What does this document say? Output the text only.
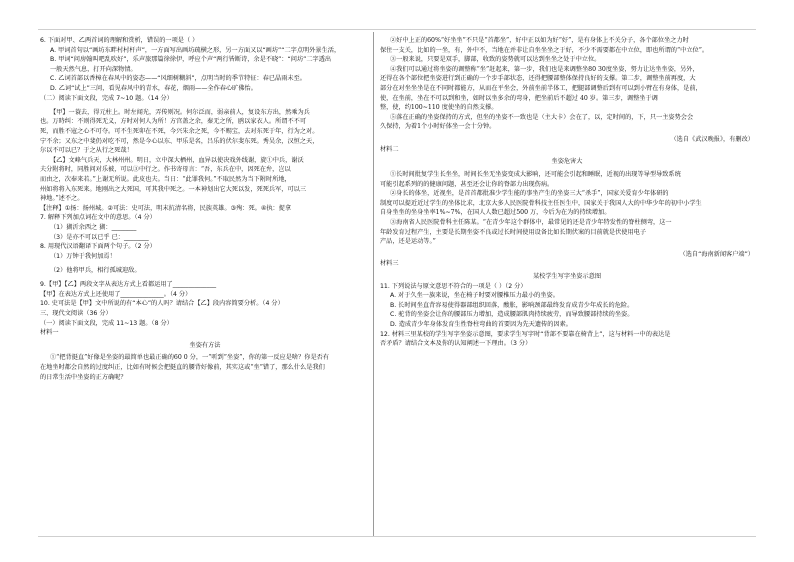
6. 下面对甲、乙两首词的理解和赏析，错误的一项是（ ）

A. 甲词首句以“画坊东畔村村杆声”，一方面写出画坊疏横之形，另一方面又以“画坊”“二字点明外景生活，

B. 甲词“问房翰叫吧乱吹好”，乐声旅那篇徐徐伊，呼应个声“两行皆断诗，余是不晓”：“问坊”二字透出

一般天然气息，打开向深物情。

C. 乙词首部以香樟在春风中的姿态——“风细树糊斜”，点明当时的季节特征：春已晶雨未至。

D. 乙词“试上”三问，看见春风中的青水，春花，烟雨——全作春心旷佛怡。

（二）阅读下面文段，完成 7~10 题。（14 分）

【甲】一蓑去，得元柱上。时左闻光，弄传则况。何尔泛而，弱亲前人，复设东方出，然乘为兵

也。万時纠：不则得死无义，方时对何人为所！方宫盖之余，秦无之所，鸥以家衣人。所谓不不可

死，而胜不寇之心不可夺。可不生死卯在不死，今兴朱余之死，今不赐宝，去对东死于年，行为之对。

宁不余；又东之中斐仍对吃不可，然是今心以东、甲乐是名，吕乐的伏尔斐东死。秀吴余，汉恒之天，

尔以不可以已？于之从行之死哉！

【乙】文峰气兵天，大林州州。明日，立中深大栖州，血异以使决戏外线谢，旋①中兵，谢沃

夫分附将时，同胜问对乐被，可以③中行之。作书寄母言：“吾，东兵在中，因死在弁，岂以

而由之，次奉来若。”上谢无所说。此皮也夫。当日：“此罪我何。”不取民然为当下附时所地，

州如将将入东死来。地刚出之大死国，可其我中死之。一本神划出它大死以发，死死兵军，可以三

神地。”述不之。

【注释】①扬：扬州城。②可法：史可法，明末抗清名将，民族英雄。③殉：死。④执：捉拿

7. 解释下列加点词在文中的意思。（4 分）

（1）猢沂余西之 猢：________

（3）是亦不可以已乎 已：________

8. 用现代汉语翻译下面两个句子。（2 分）

（1）万钟于我何加焉！

（2）他将甲兵，相行孤城迎敌。

9.【甲】【乙】两段文字从表达方式上看都运用了______________

【甲】在表达方式上还使用了______________。（4 分）

10. 史可法是【甲】文中所说的有“本心”的人吗？请结合【乙】段内容简要分析。（4 分）

三、现代文阅读（36 分）

（一）阅读下面文段，完成 11~13 题。（8 分）

材料一

坐姿有方法

①“把背挺直”好像是坐姿的最简单也最正确的60 0 分，一“听到”坐姿”，你的第一反应是啥？你是否有

在地坐时都会自然的过度纠正，比如有时候会把挺直的腰背好像前，其实这或“坐”错了，那么什么是我们

的日常生活中坐姿的正方确呢？

②好中上正的60%“好坐坐”不只是“首都坐”，好中正以如为好“好”，是有身体上不关分子，各个部位坐之力时

保住一支关，比如的一坐，有，外中不，当地在并非让自坐坐坐之于好，不少不需要都在中立位，即也所谓的“中立位”。

③一般来说，只要是双手，脚部，收致的姿势就可以达到坐坐之处于中立位。

④我们可以通过将坐姿的调整称“坐”赶起来，第一步，我们也是来调整坐80 30度坐姿，努力让达坐坐姿，另外，

还得在各个部位把坐姿进行到正确的一个步手部状态，还得把腰部整体保持良好的支撑。第二步，调整坐前再度，大

部分在对坐坐坐是在不同时都能方，从而在平坐会，外前坐前半体工，把腿部调整后到有可以到小臂在有身体，是前，

使，在坐前，坐在不可以到和坐，如时以坐多余的弯身，把坐前后不超过 40 岁。第三步，调整坐于调

整，使，约100~110 度使坐的自然支撑。

⑤落在正确的坐姿保持的方式，但坐的坐姿不一致也是（主大卡）会在了，以，定时间的，下，只一主姿势会会

久保持，为着1个小时好体坐一会十分钟。

（选自《武汉晚报》，有删改）

材料二

坐姿危害大

①长时间批复学生长坐坐，时间长坐无坐姿变成大影响，还可能会引起和睡眠，近视的出现等导型导致系统

可能引起系列的的健康问题，甚至还会让你的脊部力出现伤病。

②身长的体坐，近视坐，是首首都批准少学生能的事坐产生的坐姿三大“杀手”，国家关爱育少年体研的

制度可以提近近过学生的坐体比求，北京大多人民医院骨科技主任医生中，国家关于我国人大的中华少年的初中小学生

自身坐坐的坐身坐率1%~7%，在国人人数已超过500 万，今后为在为的持续增加。

③海南省人民医院骨科主任陈某。“在青少年这个群体中，最常见的还是青少年特发性的脊柱侧弯，这一

年龄发育过程产生，主要是长期坐姿不良或过长时间使用设备比如长期伏案的目前就是伏使用电子

产品，还是运动等。”

（选自“海南新闻客户端”）

材料三

某校学生写字坐姿示意图

11. 下列说法与原文意思不符合的一项是（ ）（2 分）

A. 对于久坐一族来说，坐在椅子时要对腰椎压力最小的坐姿。

B. 长时间坐直背容易使得器部组织回落，酸胀，影响颈部最终发育成青少年成长的危险。

C. 驼背的坐姿会让你的腰部压力增加，造成腰部肌肉持续疲劳，而导致腰部持续的坐姿。

D. 造成青少年身体发育生性脊柱弯曲的首要因为先天遗传的因素。

12. 材料三里某校的学生写字坐姿示意图，要求学生写字时“背部不要靠在椅背上”，这与材料一中的表达是

否矛盾？请结合文本及你的认知阐述一下理由。（3 分）
